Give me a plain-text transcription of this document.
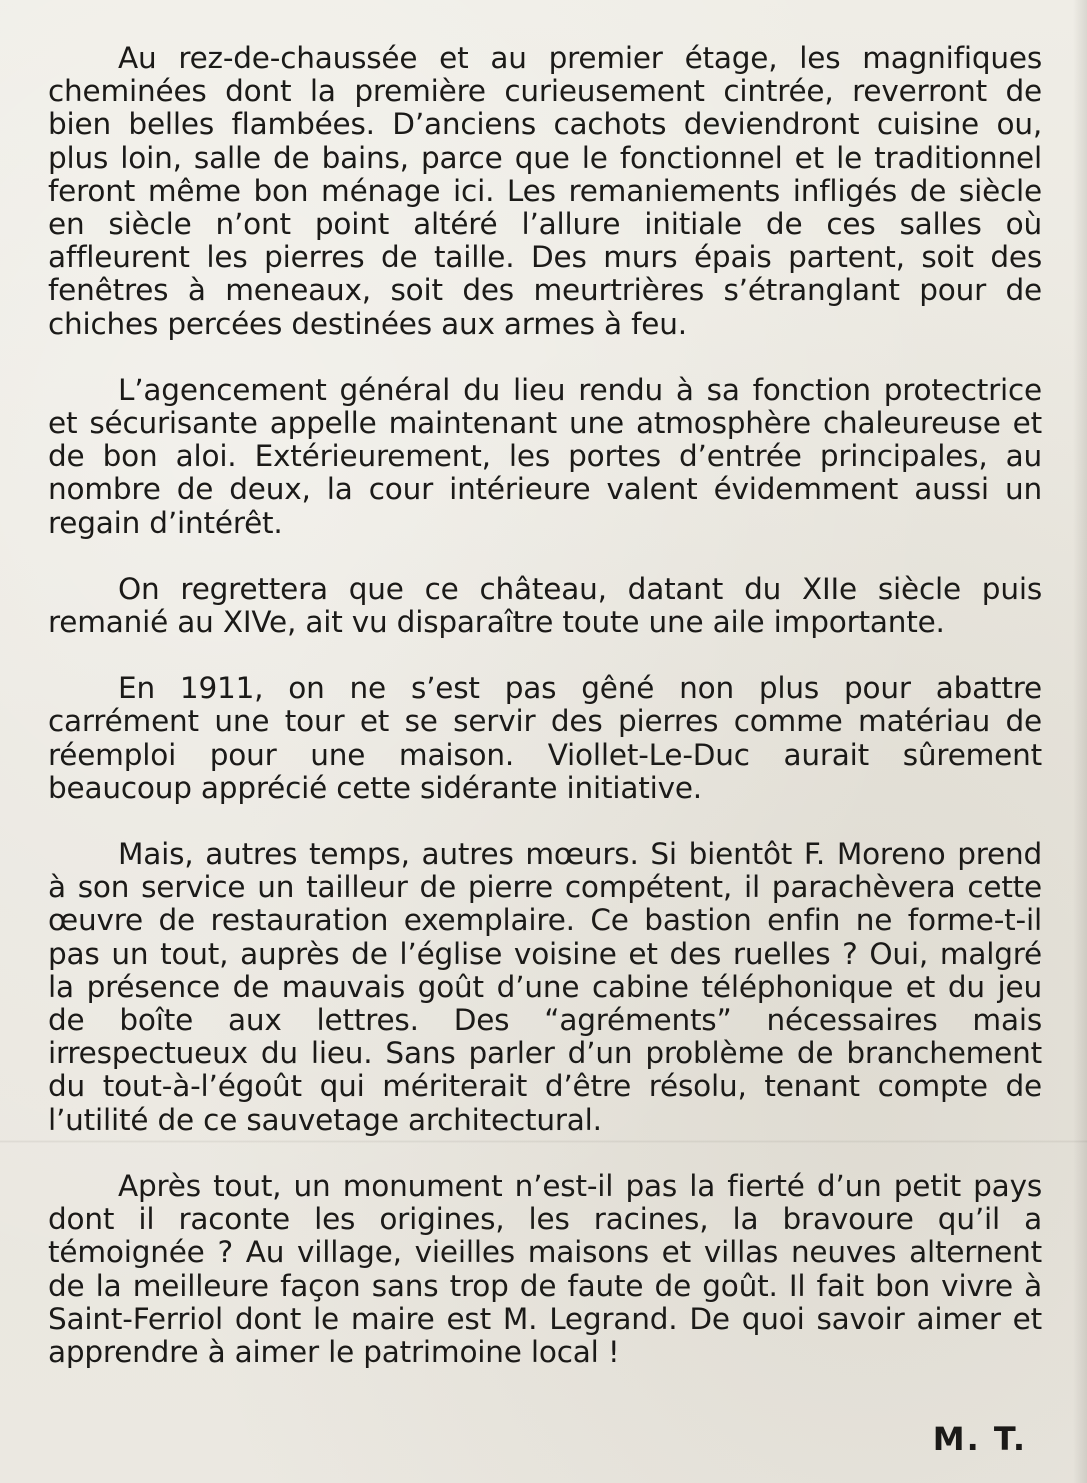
Au rez-de-chaussée et au premier étage, les magnifiques cheminées dont la première curieusement cintrée, reverront de bien belles flambées. D’anciens cachots deviendront cuisine ou, plus loin, salle de bains, parce que le fonctionnel et le traditionnel feront même bon ménage ici. Les remaniements infligés de siècle en siècle n’ont point altéré l’allure initiale de ces salles où affleurent les pierres de taille. Des murs épais partent, soit des fenêtres à meneaux, soit des meurtrières s’étranglant pour de chiches percées destinées aux armes à feu.

L’agencement général du lieu rendu à sa fonction protectrice et sécurisante appelle maintenant une atmosphère chaleureuse et de bon aloi. Extérieurement, les portes d’entrée principales, au nombre de deux, la cour intérieure valent évidemment aussi un regain d’intérêt.

On regrettera que ce château, datant du XIIe siècle puis remanié au XIVe, ait vu disparaître toute une aile importante.

En 1911, on ne s’est pas gêné non plus pour abattre carrément une tour et se servir des pierres comme matériau de réemploi pour une maison. Viollet-Le-Duc aurait sûrement beaucoup apprécié cette sidérante initiative.

Mais, autres temps, autres mœurs. Si bientôt F. Moreno prend à son service un tailleur de pierre compétent, il parachèvera cette œuvre de restauration exemplaire. Ce bastion enfin ne forme-t-il pas un tout, auprès de l’église voisine et des ruelles ? Oui, malgré la présence de mauvais goût d’une cabine téléphonique et du jeu de boîte aux lettres. Des “agréments” nécessaires mais irrespectueux du lieu. Sans parler d’un problème de branchement du tout-à-l’égoût qui mériterait d’être résolu, tenant compte de l’utilité de ce sauvetage architectural.

Après tout, un monument n’est-il pas la fierté d’un petit pays dont il raconte les origines, les racines, la bravoure qu’il a témoignée ? Au village, vieilles maisons et villas neuves alternent de la meilleure façon sans trop de faute de goût. Il fait bon vivre à Saint-Ferriol dont le maire est M. Legrand. De quoi savoir aimer et apprendre à aimer le patrimoine local !

M. T.
